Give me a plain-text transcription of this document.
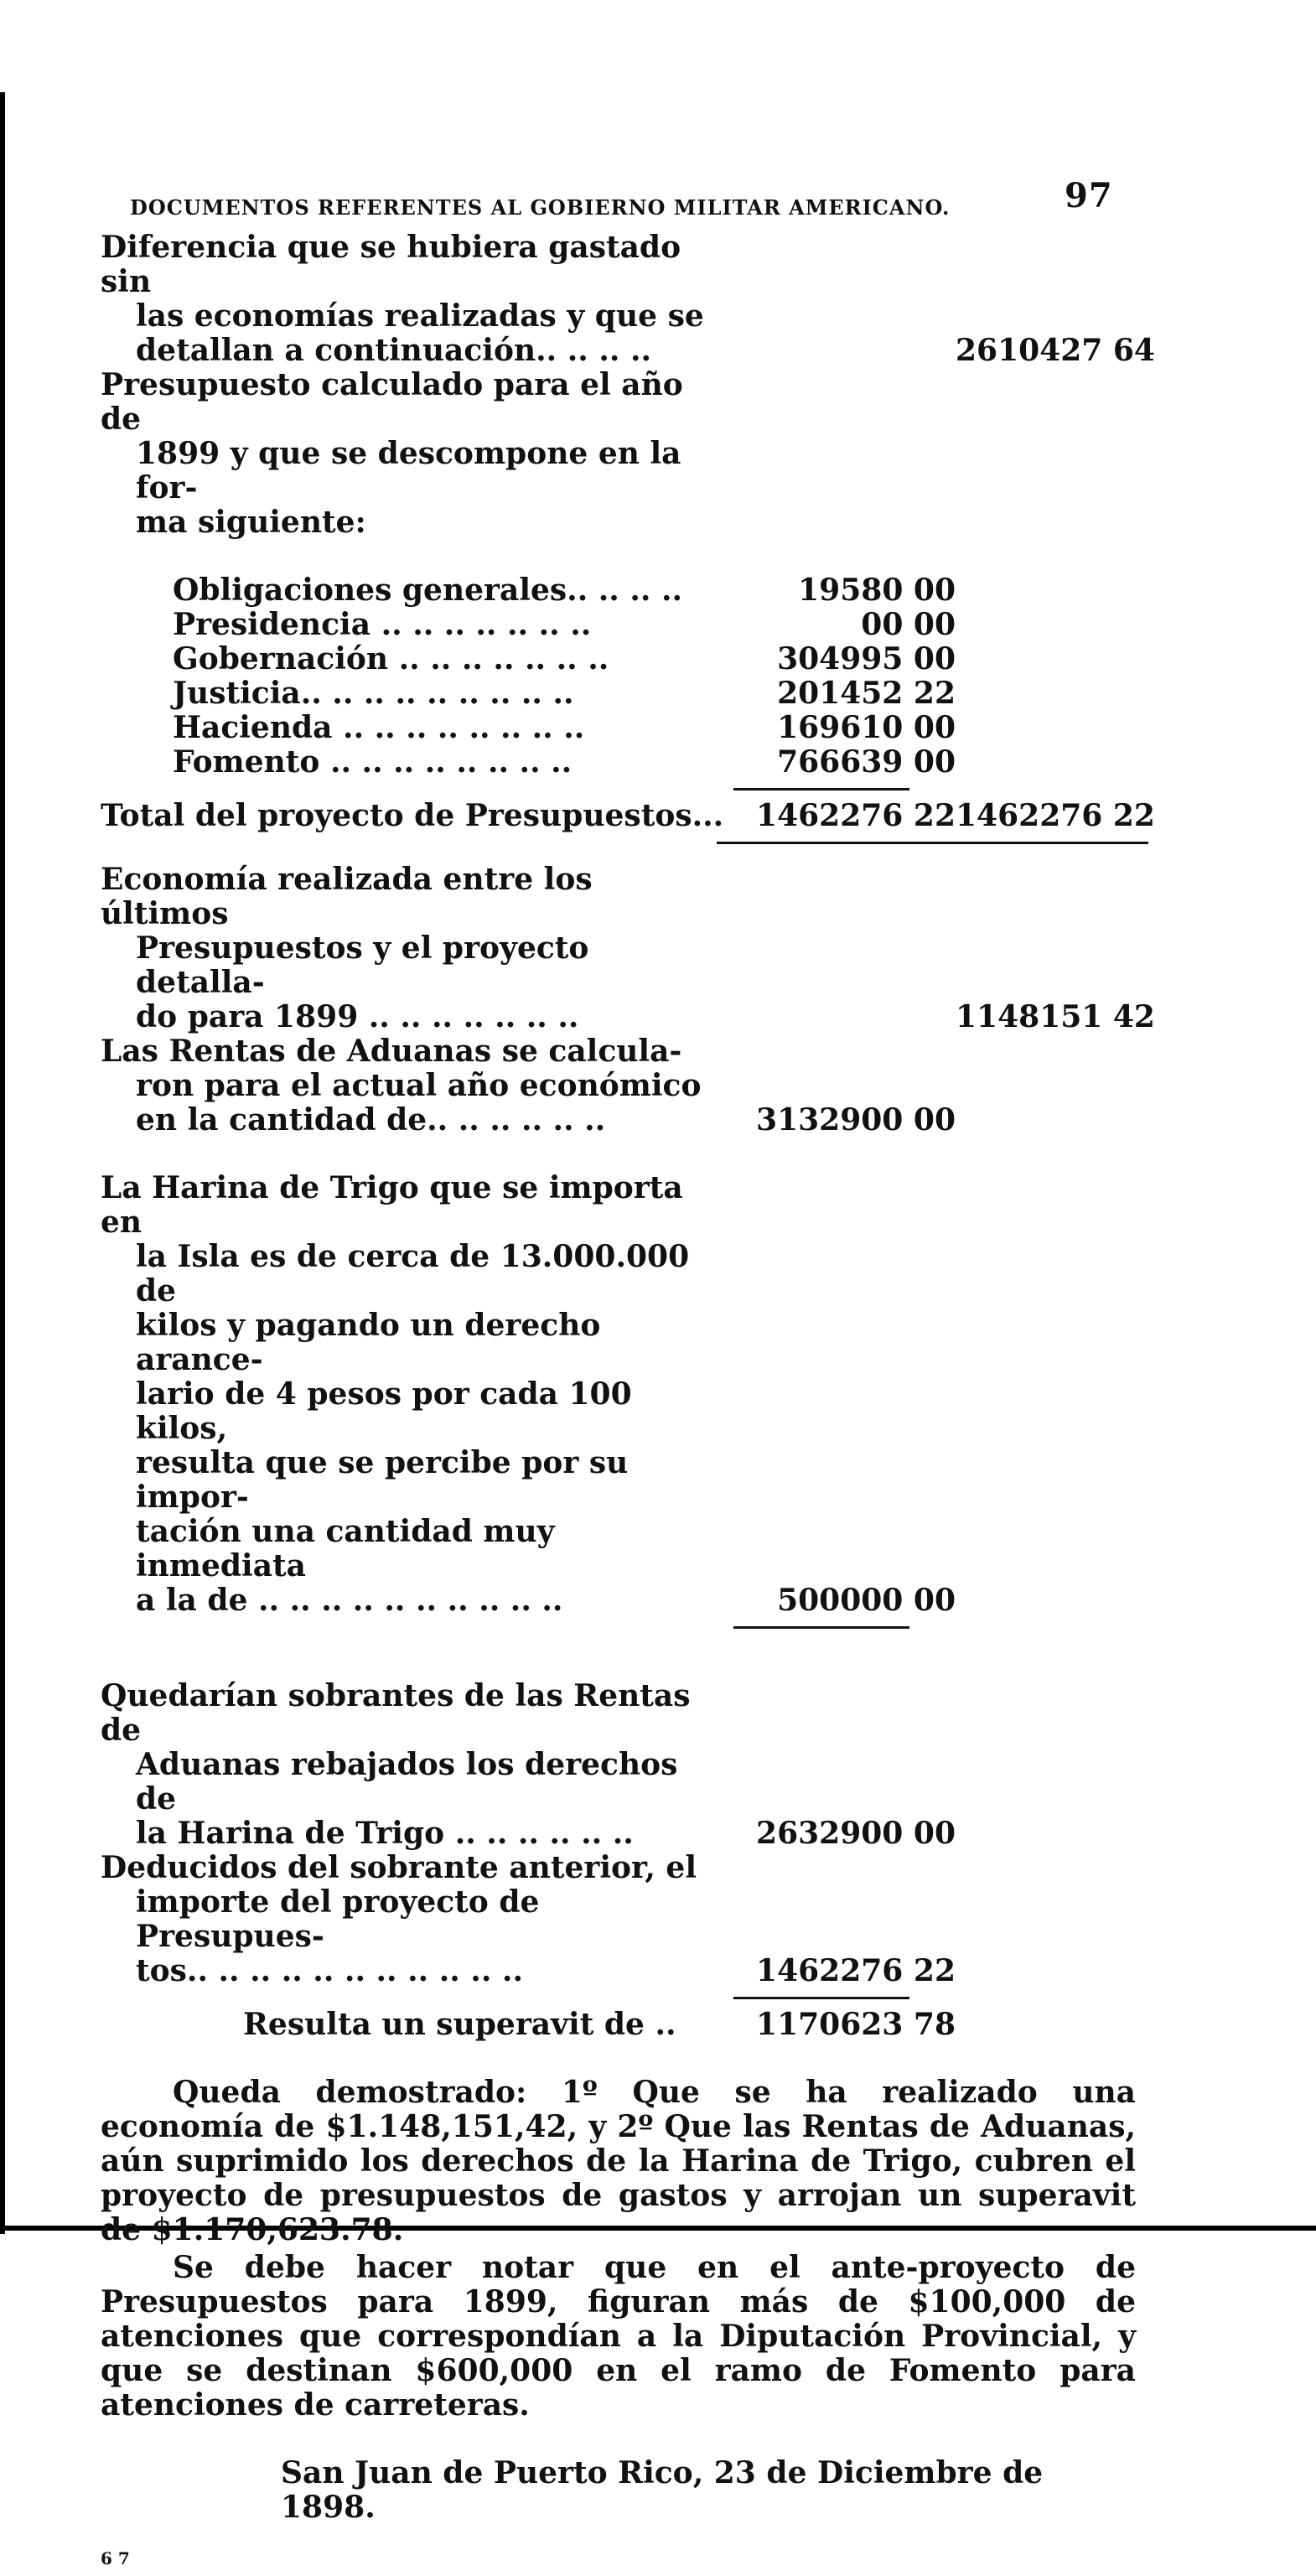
DOCUMENTOS REFERENTES AL GOBIERNO MILITAR AMERICANO.	97
Diferencia que se hubiera gastado sin
las economías realizadas y que se
detallan a continuación.. .. .. ..	2610427 64
Presupuesto calculado para el año de
1899 y que se descompone en la for-
ma siguiente:
Obligaciones generales.. .. .. ..	19580 00
Presidencia .. .. .. .. .. .. ..	00 00
Gobernación .. .. .. .. .. .. ..	304995 00
Justicia.. .. .. .. .. .. .. .. ..	201452 22
Hacienda .. .. .. .. .. .. .. ..	169610 00
Fomento .. .. .. .. .. .. .. ..	766639 00
Total del proyecto de Presupuestos...	1462276 22 1462276 22
Economía realizada entre los últimos
Presupuestos y el proyecto detalla-
do para 1899 .. .. .. .. .. .. ..	1148151 42
Las Rentas de Aduanas se calcula-
ron para el actual año económico
en la cantidad de.. .. .. .. .. ..	3132900 00
La Harina de Trigo que se importa en
la Isla es de cerca de 13.000.000 de
kilos y pagando un derecho arance-
lario de 4 pesos por cada 100 kilos,
resulta que se percibe por su impor-
tación una cantidad muy inmediata
a la de .. .. .. .. .. .. .. .. .. ..	500000 00
Quedarían sobrantes de las Rentas de
Aduanas rebajados los derechos de
la Harina de Trigo .. .. .. .. .. ..	2632900 00
Deducidos del sobrante anterior, el
importe del proyecto de Presupues-
tos.. .. .. .. .. .. .. .. .. .. ..	1462276 22
Resulta un superavit de ..	1170623 78

Queda demostrado: 1º Que se ha realizado una economía de $1.148,151,42, y 2º Que las Rentas de Aduanas, aún suprimido los derechos de la Harina de Trigo, cubren el proyecto de presupuestos de gastos y arrojan un superavit de $1.170,623.78.

Se debe hacer notar que en el ante-proyecto de Presupuestos para 1899, figuran más de $100,000 de atenciones que correspondían a la Diputación Provincial, y que se destinan $600,000 en el ramo de Fomento para atenciones de carreteras.

San Juan de Puerto Rico, 23 de Diciembre de 1898.
6 7
